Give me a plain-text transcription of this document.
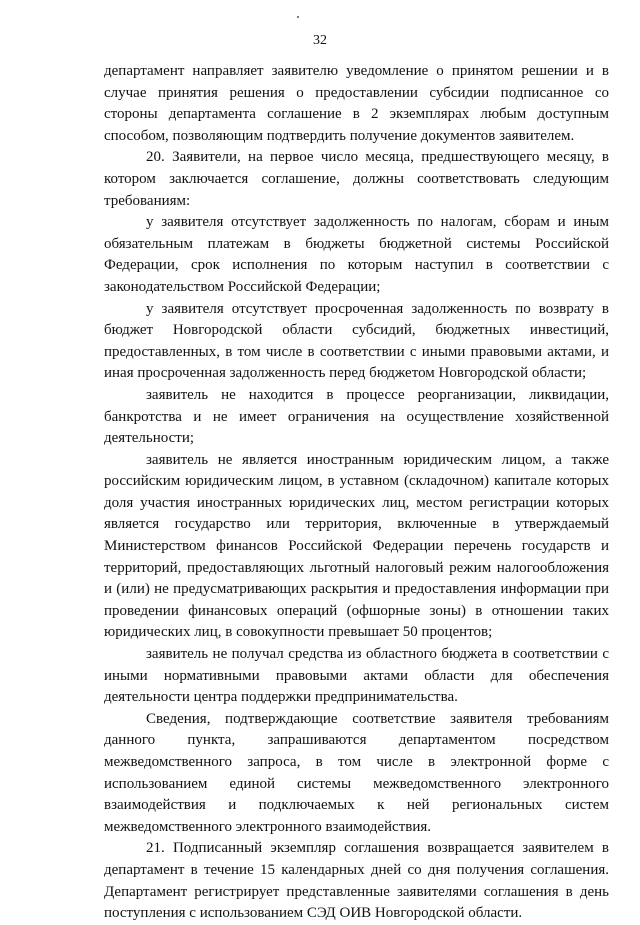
32

департамент направляет заявителю уведомление о принятом решении и в случае принятия решения о предоставлении субсидии подписанное со стороны департамента соглашение в 2 экземплярах любым доступным способом, позволяющим подтвердить получение документов заявителем.

20. Заявители, на первое число месяца, предшествующего месяцу, в котором заключается соглашение, должны соответствовать следующим требованиям:

у заявителя отсутствует задолженность по налогам, сборам и иным обязательным платежам в бюджеты бюджетной системы Российской Федерации, срок исполнения по которым наступил в соответствии с законодательством Российской Федерации;

у заявителя отсутствует просроченная задолженность по возврату в бюджет Новгородской области субсидий, бюджетных инвестиций, предоставленных, в том числе в соответствии с иными правовыми актами, и иная просроченная задолженность перед бюджетом Новгородской области;

заявитель не находится в процессе реорганизации, ликвидации, банкротства и не имеет ограничения на осуществление хозяйственной деятельности;

заявитель не является иностранным юридическим лицом, а также российским юридическим лицом, в уставном (складочном) капитале которых доля участия иностранных юридических лиц, местом регистрации которых является государство или территория, включенные в утверждаемый Министерством финансов Российской Федерации перечень государств и территорий, предоставляющих льготный налоговый режим налогообложения и (или) не предусматривающих раскрытия и предоставления информации при проведении финансовых операций (офшорные зоны) в отношении таких юридических лиц, в совокупности превышает 50 процентов;

заявитель не получал средства из областного бюджета в соответствии с иными нормативными правовыми актами области для обеспечения деятельности центра поддержки предпринимательства.

Сведения, подтверждающие соответствие заявителя требованиям данного пункта, запрашиваются департаментом посредством межведомственного запроса, в том числе в электронной форме с использованием единой системы межведомственного электронного взаимодействия и подключаемых к ней региональных систем межведомственного электронного взаимодействия.

21. Подписанный экземпляр соглашения возвращается заявителем в департамент в течение 15 календарных дней со дня получения соглашения. Департамент регистрирует представленные заявителями соглашения в день поступления с использованием СЭД ОИВ Новгородской области.
